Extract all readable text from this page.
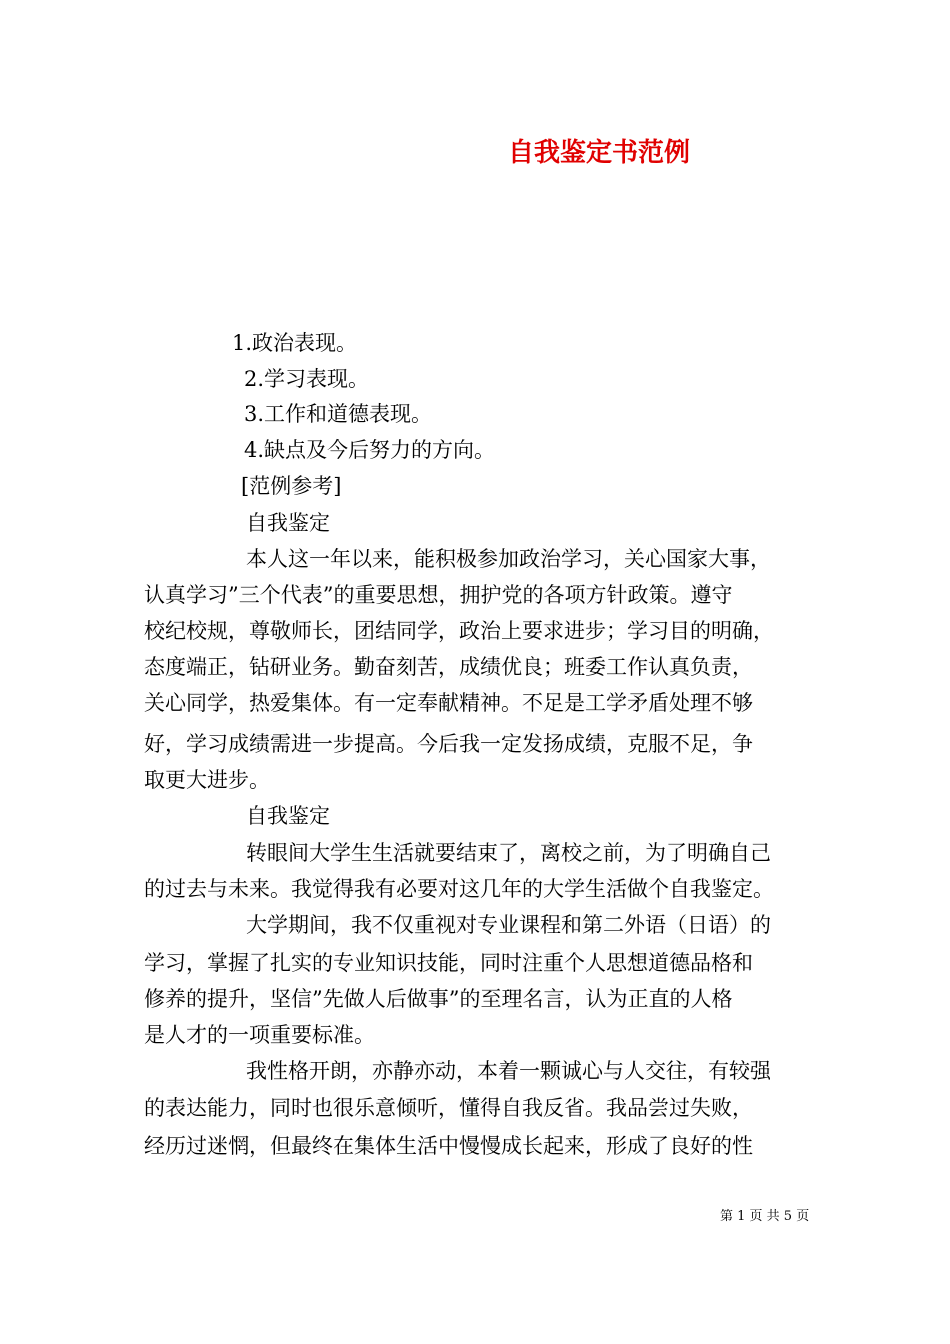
自我鉴定书范例
1.政治表现。
2.学习表现。
3.工作和道德表现。
4.缺点及今后努力的方向。
[范例参考]
自我鉴定
本人这一年以来，能积极参加政治学习，关心国家大事，
认真学习”三个代表”的重要思想，拥护党的各项方针政策。遵守
校纪校规，尊敬师长，团结同学，政治上要求进步；学习目的明确，
态度端正，钻研业务。勤奋刻苦，成绩优良；班委工作认真负责，
关心同学，热爱集体。有一定奉献精神。不足是工学矛盾处理不够
好，学习成绩需进一步提高。今后我一定发扬成绩，克服不足，争
取更大进步。
自我鉴定
转眼间大学生生活就要结束了，离校之前，为了明确自己
的过去与未来。我觉得我有必要对这几年的大学生活做个自我鉴定。
大学期间，我不仅重视对专业课程和第二外语（日语）的
学习，掌握了扎实的专业知识技能，同时注重个人思想道德品格和
修养的提升，坚信”先做人后做事”的至理名言，认为正直的人格
是人才的一项重要标准。
我性格开朗，亦静亦动，本着一颗诚心与人交往，有较强
的表达能力，同时也很乐意倾听，懂得自我反省。我品尝过失败，
经历过迷惘，但最终在集体生活中慢慢成长起来，形成了良好的性
第 1 页 共 5 页
